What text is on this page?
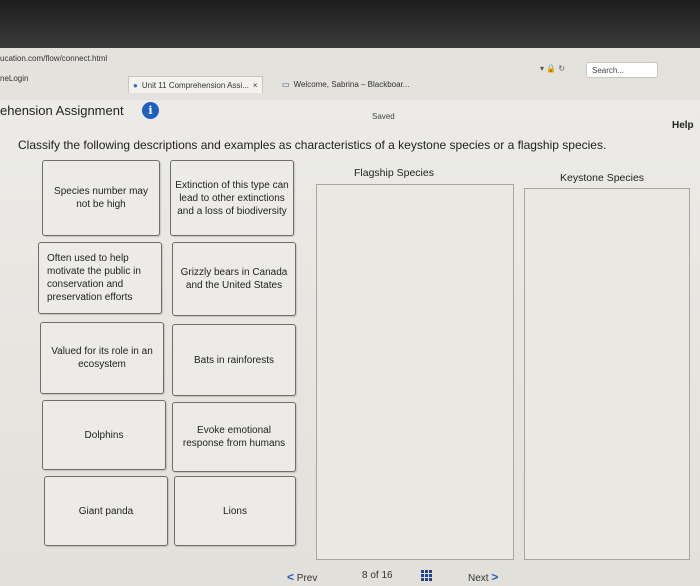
ucation.com/flow/connect.html
▾ 🔒 ↻	Search...
neLogin
● Unit 11 Comprehension Assi... ×	▭ Welcome, Sabrina – Blackboar...
ehension Assignment	i	Saved
Help
Classify the following descriptions and examples as characteristics of a keystone species or a flagship species.
Species number may not be high
Extinction of this type can lead to other extinctions and a loss of biodiversity
Often used to help motivate the public in conservation and preservation efforts
Grizzly bears in Canada and the United States
Valued for its role in an ecosystem	Bats in rainforests
Dolphins	Evoke emotional response from humans
Giant panda	Lions
Flagship Species	Keystone Species
< Prev	8 of 16	Next >
